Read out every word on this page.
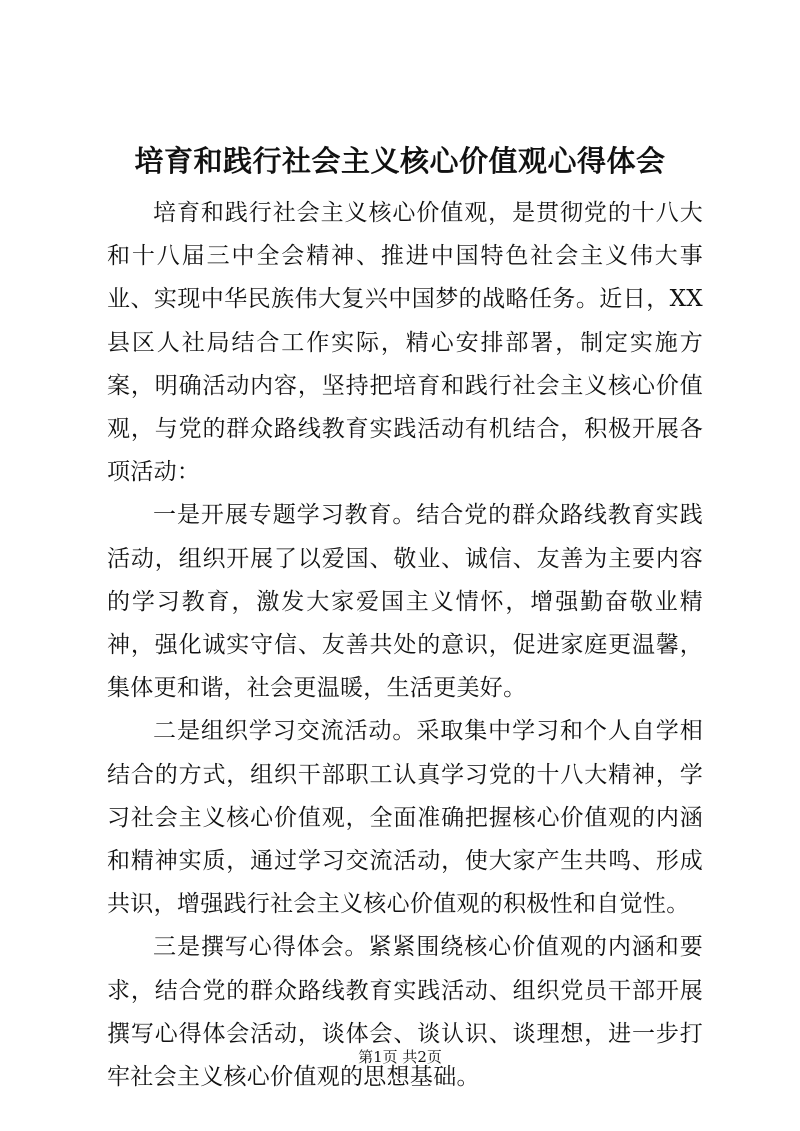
培育和践行社会主义核心价值观心得体会

培育和践行社会主义核心价值观，是贯彻党的十八大和十八届三中全会精神、推进中国特色社会主义伟大事业、实现中华民族伟大复兴中国梦的战略任务。近日，XX县区人社局结合工作实际，精心安排部署，制定实施方案，明确活动内容，坚持把培育和践行社会主义核心价值观，与党的群众路线教育实践活动有机结合，积极开展各项活动：

一是开展专题学习教育。结合党的群众路线教育实践活动，组织开展了以爱国、敬业、诚信、友善为主要内容的学习教育，激发大家爱国主义情怀，增强勤奋敬业精神，强化诚实守信、友善共处的意识，促进家庭更温馨，集体更和谐，社会更温暖，生活更美好。

二是组织学习交流活动。采取集中学习和个人自学相结合的方式，组织干部职工认真学习党的十八大精神，学习社会主义核心价值观，全面准确把握核心价值观的内涵和精神实质，通过学习交流活动，使大家产生共鸣、形成共识，增强践行社会主义核心价值观的积极性和自觉性。

三是撰写心得体会。紧紧围绕核心价值观的内涵和要求，结合党的群众路线教育实践活动、组织党员干部开展撰写心得体会活动，谈体会、谈认识、谈理想，进一步打牢社会主义核心价值观的思想基础。

第1页 共2页
